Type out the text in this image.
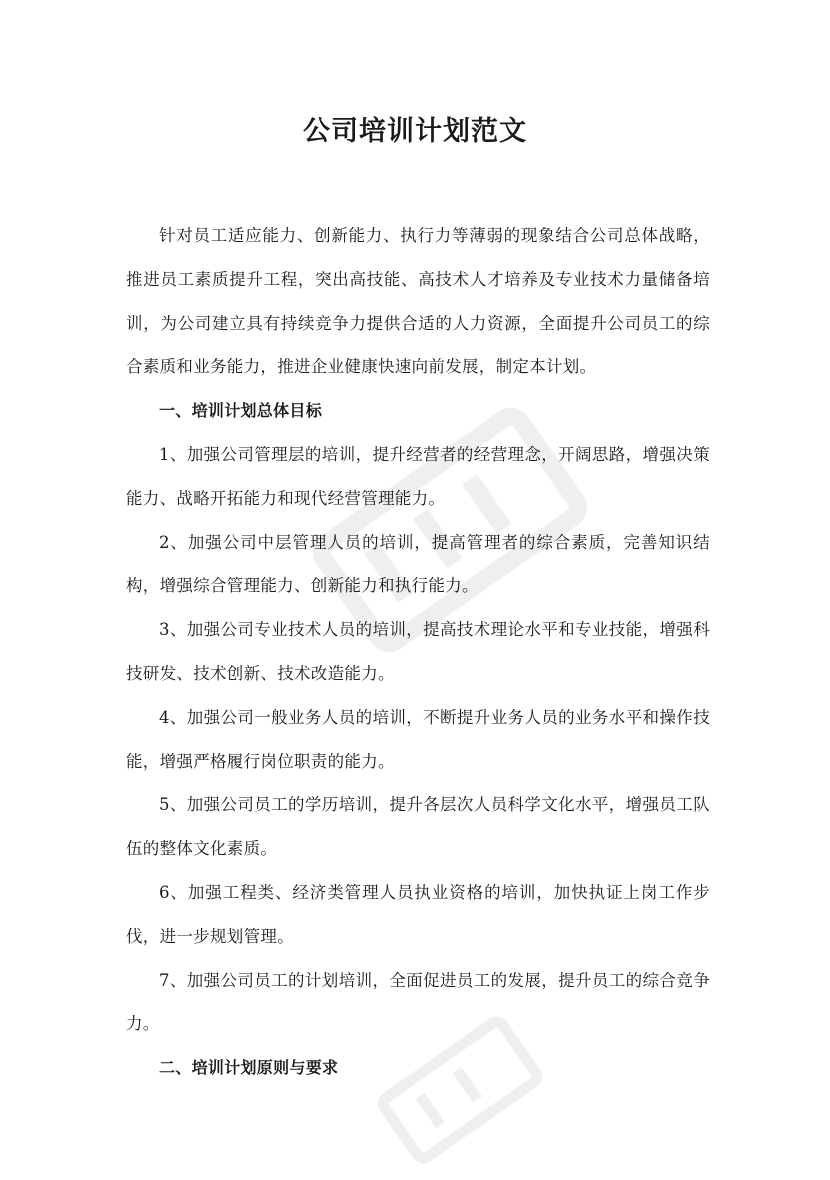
公司培训计划范文

针对员工适应能力、创新能力、执行力等薄弱的现象结合公司总体战略，推进员工素质提升工程，突出高技能、高技术人才培养及专业技术力量储备培训，为公司建立具有持续竞争力提供合适的人力资源，全面提升公司员工的综合素质和业务能力，推进企业健康快速向前发展，制定本计划。

一、培训计划总体目标

1、加强公司管理层的培训，提升经营者的经营理念，开阔思路，增强决策能力、战略开拓能力和现代经营管理能力。

2、加强公司中层管理人员的培训，提高管理者的综合素质，完善知识结构，增强综合管理能力、创新能力和执行能力。

3、加强公司专业技术人员的培训，提高技术理论水平和专业技能，增强科技研发、技术创新、技术改造能力。

4、加强公司一般业务人员的培训，不断提升业务人员的业务水平和操作技能，增强严格履行岗位职责的能力。

5、加强公司员工的学历培训，提升各层次人员科学文化水平，增强员工队伍的整体文化素质。

6、加强工程类、经济类管理人员执业资格的培训，加快执证上岗工作步伐，进一步规划管理。

7、加强公司员工的计划培训，全面促进员工的发展，提升员工的综合竞争力。

二、培训计划原则与要求
